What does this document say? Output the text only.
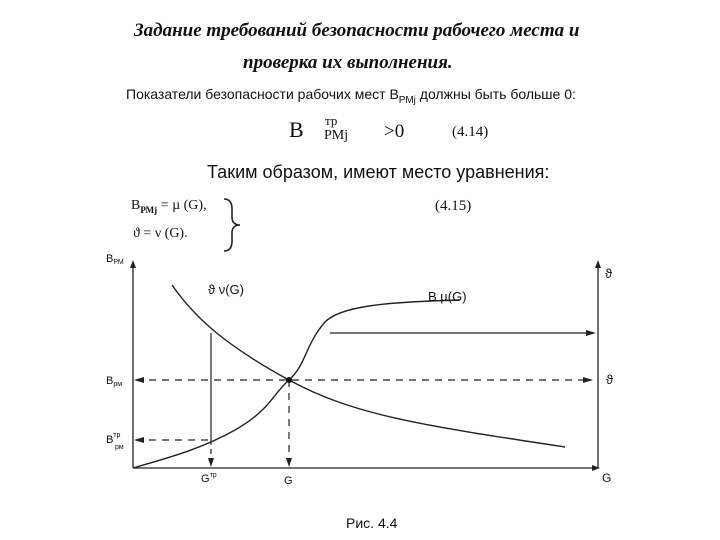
Задание требований безопасности рабочего места и
проверка их выполнения.
Показатели безопасности рабочих мест $В_{РМj}$ должны быть больше 0:
В тр
РМj >0	(4.14)
Таким образом, имеют место уравнения:
$В_{РМj} = \mu$ (G),	(4.15)
ϑ = ν (G).
ВРМ
ϑ
ϑ ν(G)	В µ(G)
Врм	ϑ
$В^{тр}$
рм
$G^{тр}$	G	G
Рис. 4.4
